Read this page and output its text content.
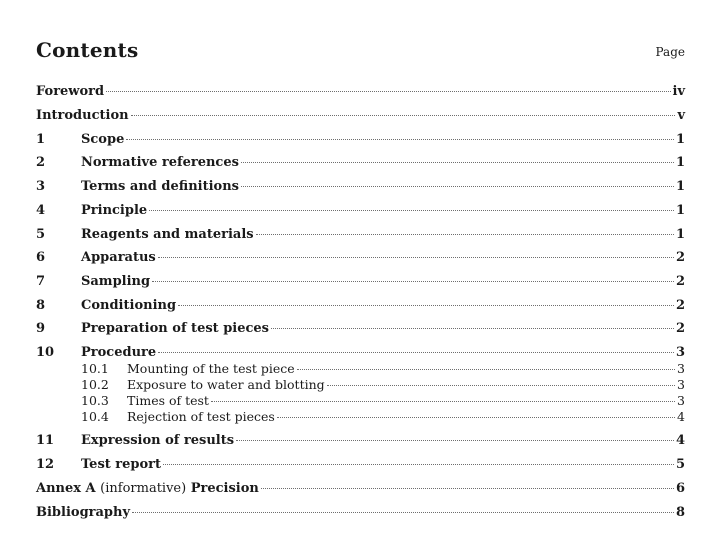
Contents	Page
Foreword	iv
Introduction	v
1	Scope	1
2	Normative references	1
3	Terms and definitions	1
4	Principle	1
5	Reagents and materials	1
6	Apparatus	2
7	Sampling	2
8	Conditioning	2
9	Preparation of test pieces	2
10	Procedure	3
10.1	Mounting of the test piece	3
10.2	Exposure to water and blotting	3
10.3	Times of test	3
10.4	Rejection of test pieces	4
11	Expression of results	4
12	Test report	5
Annex A (informative) Precision	6
Bibliography	8
